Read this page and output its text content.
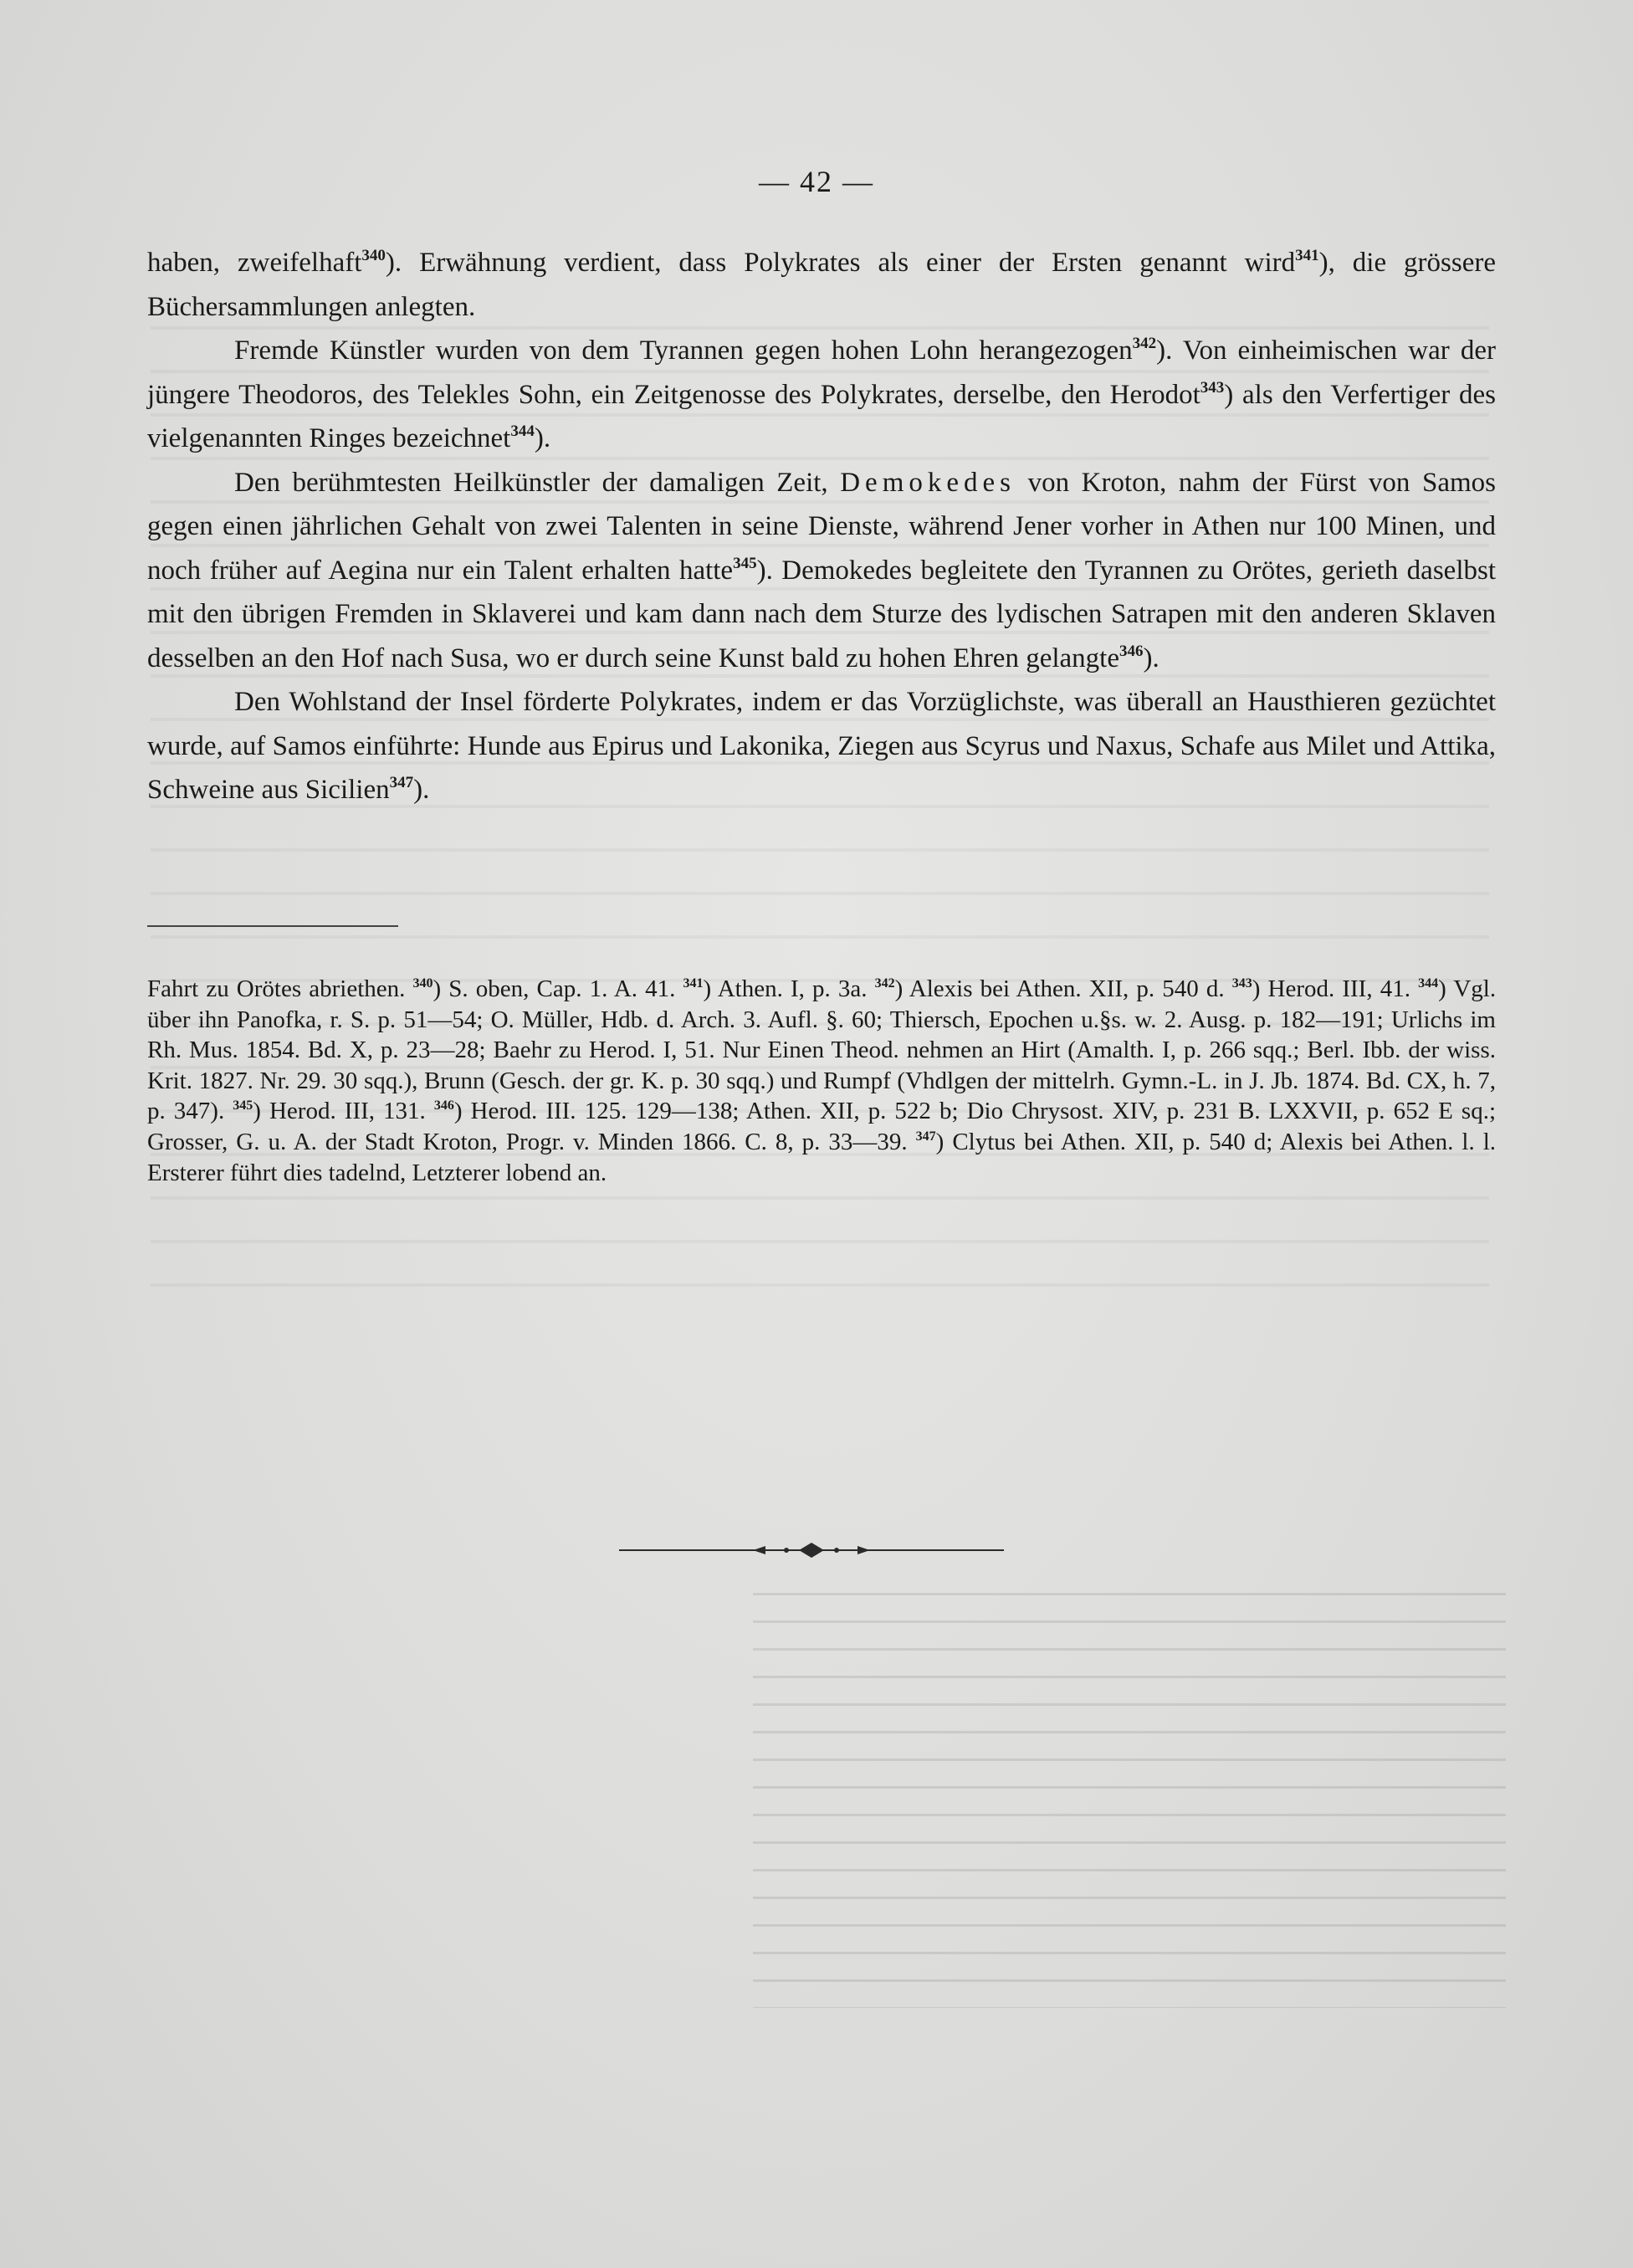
— 42 —

haben, zweifelhaft$^{340}$). Erwähnung verdient, dass Polykrates als einer der Ersten genannt wird$^{341}$), die grössere Büchersammlungen anlegten.

Fremde Künstler wurden von dem Tyrannen gegen hohen Lohn herangezogen$^{342}$). Von einheimischen war der jüngere Theodoros, des Telekles Sohn, ein Zeitgenosse des Polykrates, derselbe, den Herodot$^{343}$) als den Verfertiger des vielgenannten Ringes bezeichnet$^{344}$).

Den berühmtesten Heilkünstler der damaligen Zeit, Demokedes von Kroton, nahm der Fürst von Samos gegen einen jährlichen Gehalt von zwei Talenten in seine Dienste, während Jener vorher in Athen nur 100 Minen, und noch früher auf Aegina nur ein Talent erhalten hatte$^{345}$). Demokedes begleitete den Tyrannen zu Orötes, gerieth daselbst mit den übrigen Fremden in Sklaverei und kam dann nach dem Sturze des lydischen Satrapen mit den anderen Sklaven desselben an den Hof nach Susa, wo er durch seine Kunst bald zu hohen Ehren gelangte$^{346}$).

Den Wohlstand der Insel förderte Polykrates, indem er das Vorzüglichste, was überall an Hausthieren gezüchtet wurde, auf Samos einführte: Hunde aus Epirus und Lakonika, Ziegen aus Scyrus und Naxus, Schafe aus Milet und Attika, Schweine aus Sicilien$^{347}$).

Fahrt zu Orötes abriethen. $^{340}$) S. oben, Cap. 1. A. 41. $^{341}$) Athen. I, p. 3a. $^{342}$) Alexis bei Athen. XII, p. 540 d. $^{343}$) Herod. III, 41. $^{344}$) Vgl. über ihn Panofka, r. S. p. 51—54; O. Müller, Hdb. d. Arch. 3. Aufl. §. 60; Thiersch, Epochen u.§s. w. 2. Ausg. p. 182—191; Urlichs im Rh. Mus. 1854. Bd. X, p. 23—28; Baehr zu Herod. I, 51. Nur Einen Theod. nehmen an Hirt (Amalth. I, p. 266 sqq.; Berl. Ibb. der wiss. Krit. 1827. Nr. 29. 30 sqq.), Brunn (Gesch. der gr. K. p. 30 sqq.) und Rumpf (Vhdlgen der mittelrh. Gymn.-L. in J. Jb. 1874. Bd. CX, h. 7, p. 347). $^{345}$) Herod. III, 131. $^{346}$) Herod. III. 125. 129—138; Athen. XII, p. 522 b; Dio Chrysost. XIV, p. 231 B. LXXVII, p. 652 E sq.; Grosser, G. u. A. der Stadt Kroton, Progr. v. Minden 1866. C. 8, p. 33—39. $^{347}$) Clytus bei Athen. XII, p. 540 d; Alexis bei Athen. l. l. Ersterer führt dies tadelnd, Letzterer lobend an.
